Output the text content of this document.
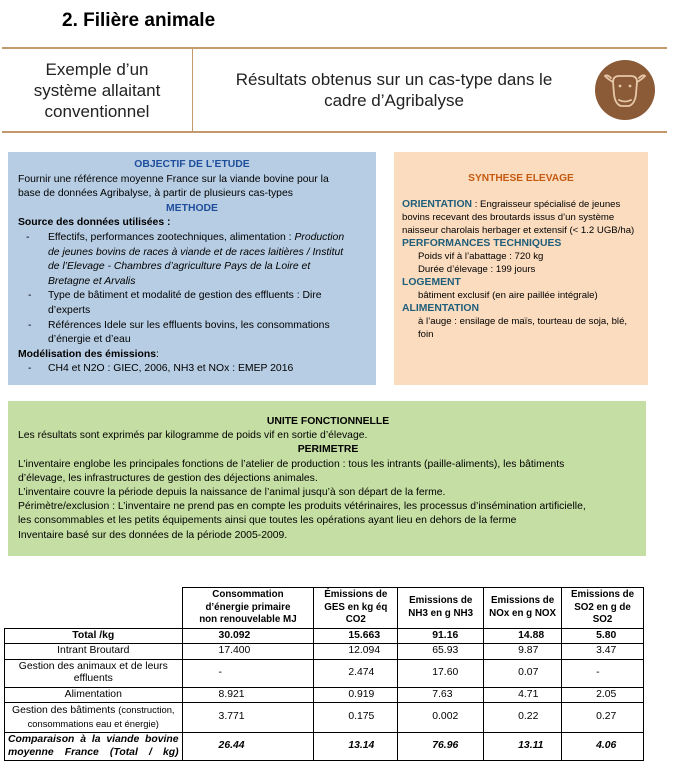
2. Filière animale
Exemple d’un
système allaitant
conventionnel
Résultats obtenus sur un cas-type dans le
cadre d’Agribalyse
OBJECTIF DE L’ETUDE
Fournir une référence moyenne France sur la viande bovine pour la
base de données Agribalyse, à partir de plusieurs cas-types
METHODE
Source des données utilisées :
- Effectifs, performances zootechniques, alimentation : Production
de jeunes bovins de races à viande et de races laitières / Institut
de l’Elevage - Chambres d’agriculture Pays de la Loire et
Bretagne et Arvalis
- Type de bâtiment et modalité de gestion des effluents : Dire
d’experts
- Références Idele sur les effluents bovins, les consommations
d’énergie et d’eau
Modélisation des émissions:
- CH4 et N2O : GIEC, 2006, NH3 et NOx : EMEP 2016
SYNTHESE ELEVAGE
ORIENTATION : Engraisseur spécialisé de jeunes bovins recevant des broutards issus d’un système naisseur charolais herbager et extensif (< 1.2 UGB/ha)
PERFORMANCES TECHNIQUES
Poids vif à l’abattage : 720 kg
Durée d’élevage : 199 jours
LOGEMENT
bâtiment exclusif (en aire paillée intégrale)
ALIMENTATION
à l’auge : ensilage de maïs, tourteau de soja, blé, foin
UNITE FONCTIONNELLE
Les résultats sont exprimés par kilogramme de poids vif en sortie d’élevage.
PERIMETRE
L’inventaire englobe les principales fonctions de l’atelier de production : tous les intrants (paille-aliments), les bâtiments
d’élevage, les infrastructures de gestion des déjections animales.
L’inventaire couvre la période depuis la naissance de l’animal jusqu’à son départ de la ferme.
Périmètre/exclusion : L’inventaire ne prend pas en compte les produits vétérinaires, les processus d’insémination artificielle,
les consommables et les petits équipements ainsi que toutes les opérations ayant lieu en dehors de la ferme
Inventaire basé sur des données de la période 2005-2009.
	Consommation
d’énergie primaire
non renouvelable MJ	Émissions de
GES en kg éq
CO2	Emissions de
NH3 en g NH3	Emissions de
NOx en g NOX	Emissions de
SO2 en g de
SO2
Total /kg	30.092	15.663	91.16	14.88	5.80
Intrant Broutard	17.400	12.094	65.93	9.87	3.47
Gestion des animaux et de leurs effluents	-	2.474	17.60	0.07	-
Alimentation	8.921	0.919	7.63	4.71	2.05
Gestion des bâtiments (construction, consommations eau et énergie)	3.771	0.175	0.002	0.22	0.27
Comparaison à la viande bovine moyenne France (Total / kg)	26.44	13.14	76.96	13.11	4.06
